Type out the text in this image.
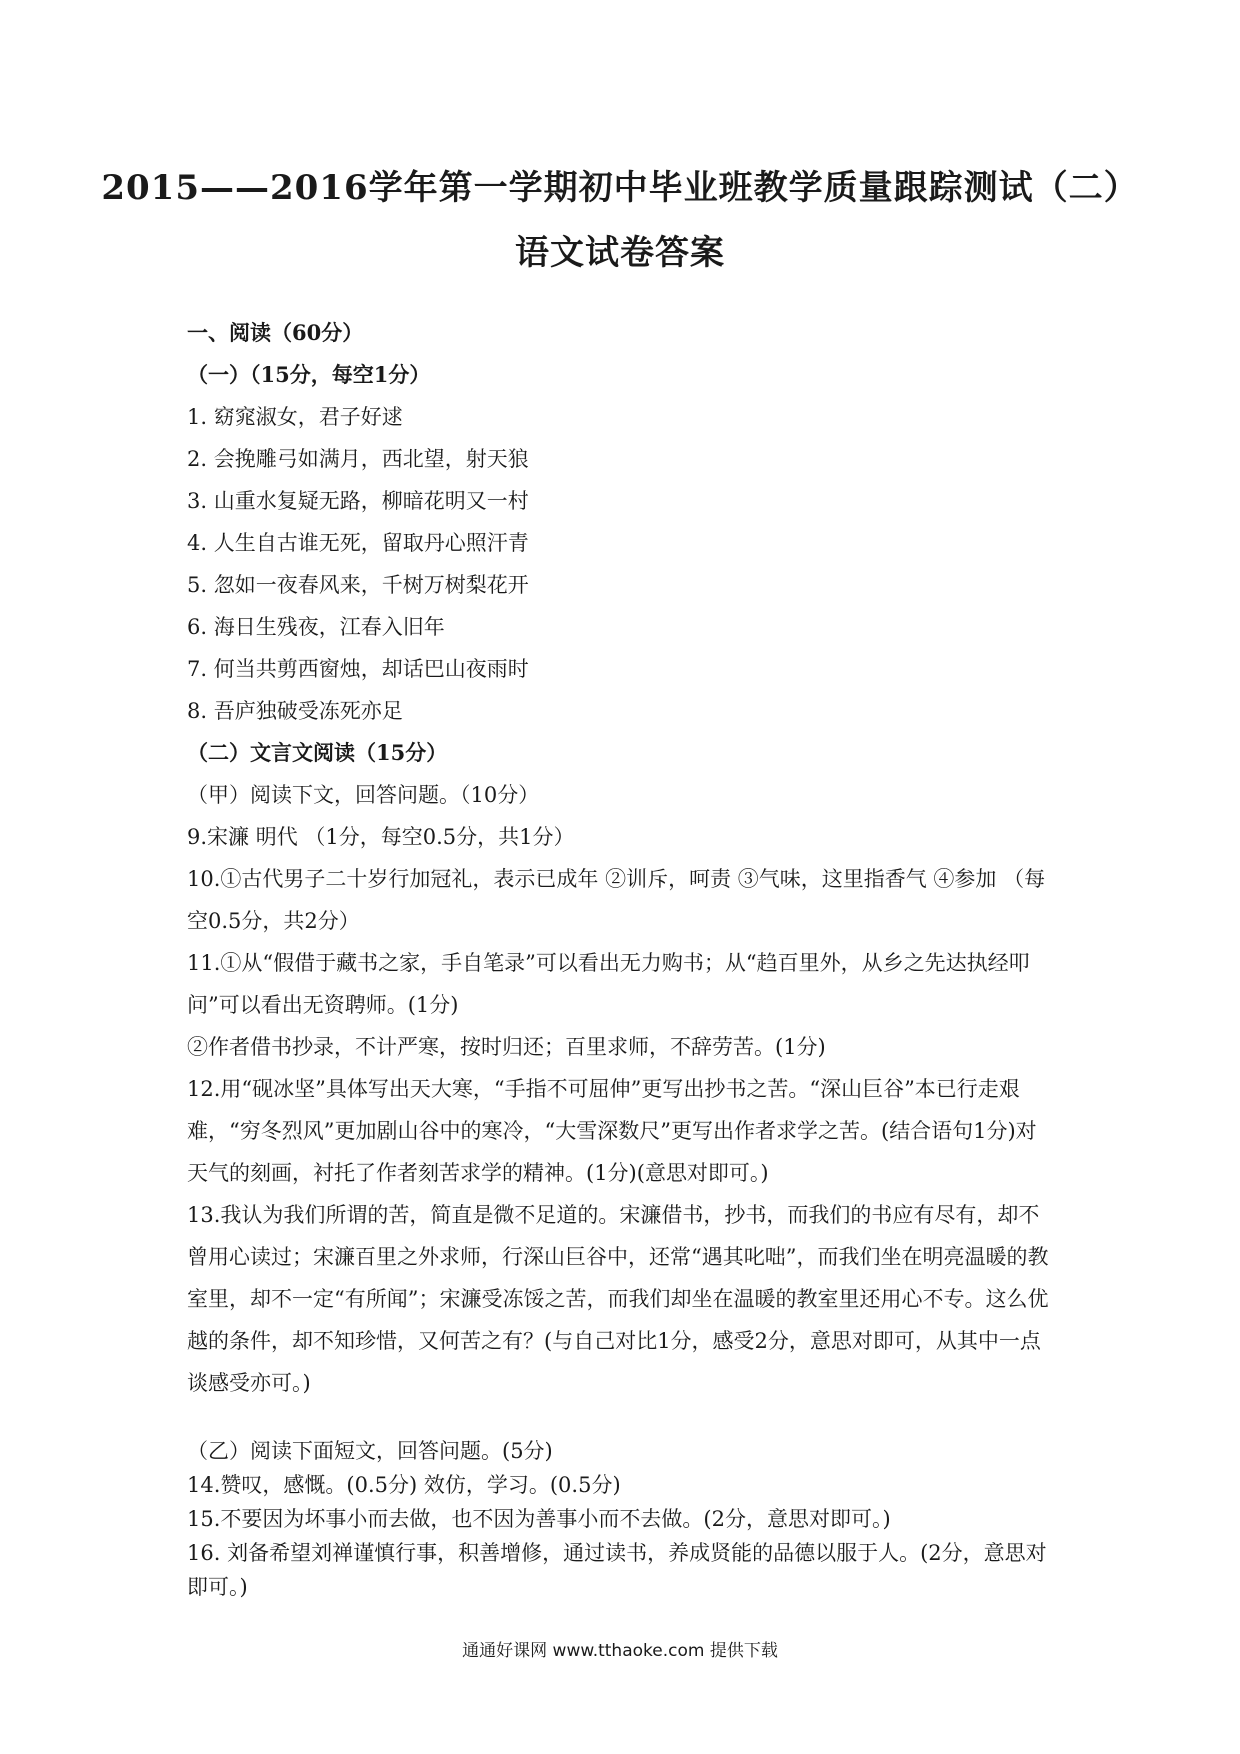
2015——2016学年第一学期初中毕业班教学质量跟踪测试（二）
语文试卷答案
一、阅读（60分）
（一）（15分，每空1分）
1. 窈窕淑女，君子好逑
2. 会挽雕弓如满月，西北望，射天狼
3. 山重水复疑无路，柳暗花明又一村
4. 人生自古谁无死，留取丹心照汗青
5. 忽如一夜春风来，千树万树梨花开
6. 海日生残夜，江春入旧年
7. 何当共剪西窗烛，却话巴山夜雨时
8. 吾庐独破受冻死亦足
（二）文言文阅读（15分）
（甲）阅读下文，回答问题。（10分）
9.宋濂 明代 （1分，每空0.5分，共1分）

10.①古代男子二十岁行加冠礼，表示已成年 ②训斥，呵责 ③气味，这里指香气 ④参加 （每空0.5分，共2分）

11.①从“假借于藏书之家，手自笔录”可以看出无力购书；从“趋百里外，从乡之先达执经叩问”可以看出无资聘师。(1分)

②作者借书抄录，不计严寒，按时归还；百里求师，不辞劳苦。(1分)

12.用“砚冰坚”具体写出天大寒，“手指不可屈伸”更写出抄书之苦。“深山巨谷”本已行走艰难，“穷冬烈风”更加剧山谷中的寒冷，“大雪深数尺”更写出作者求学之苦。(结合语句1分)对天气的刻画，衬托了作者刻苦求学的精神。(1分)(意思对即可。)

13.我认为我们所谓的苦，简直是微不足道的。宋濂借书，抄书，而我们的书应有尽有，却不曾用心读过；宋濂百里之外求师，行深山巨谷中，还常“遇其叱咄”，而我们坐在明亮温暖的教室里，却不一定“有所闻”；宋濂受冻馁之苦，而我们却坐在温暖的教室里还用心不专。这么优越的条件，却不知珍惜，又何苦之有？(与自己对比1分，感受2分，意思对即可，从其中一点谈感受亦可。)

（乙）阅读下面短文，回答问题。(5分)
14.赞叹，感慨。(0.5分) 效仿，学习。(0.5分)
15.不要因为坏事小而去做，也不因为善事小而不去做。(2分，意思对即可。)

16. 刘备希望刘禅谨慎行事，积善增修，通过读书，养成贤能的品德以服于人。(2分，意思对即可。)

通通好课网 www.tthaoke.com 提供下载
